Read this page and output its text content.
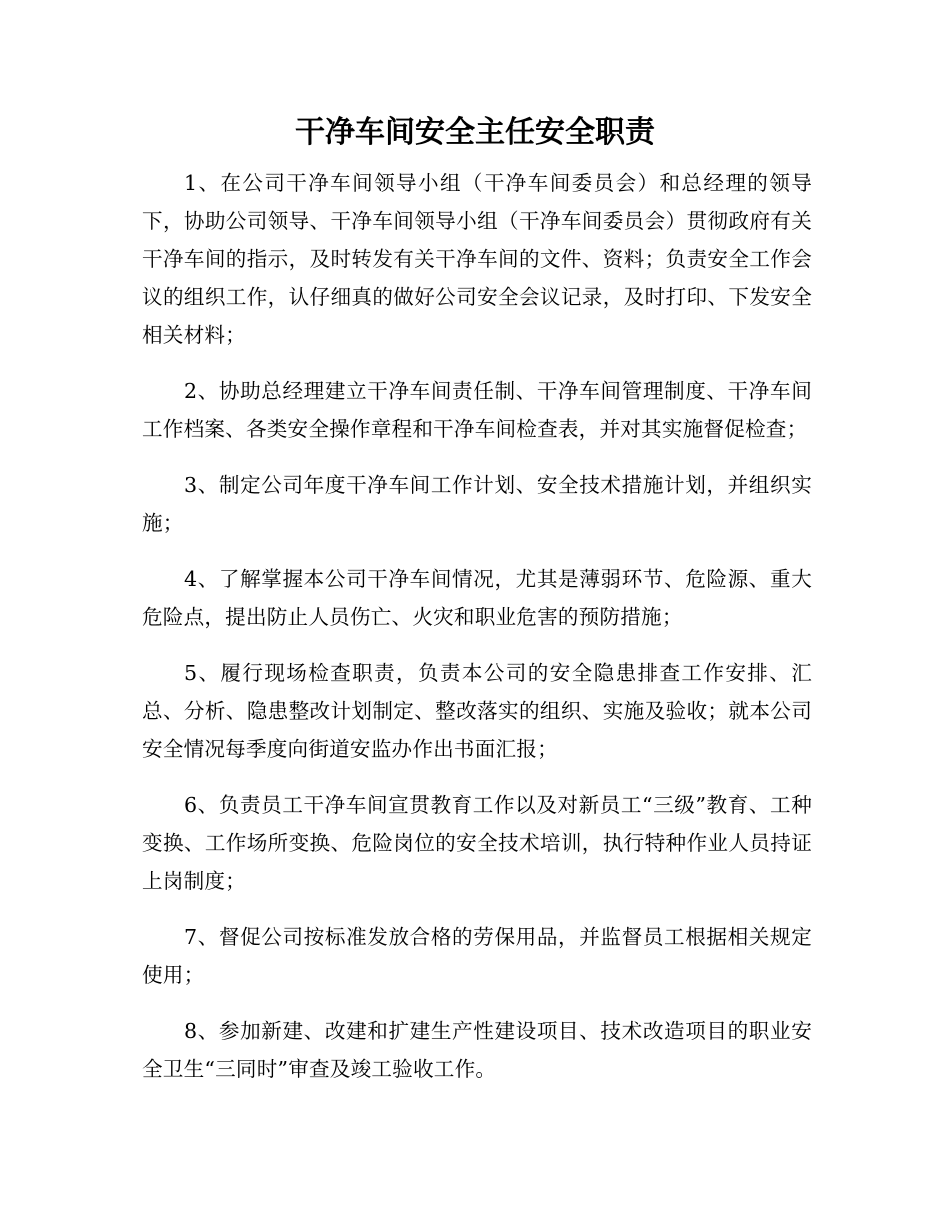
干净车间安全主任安全职责

1、在公司干净车间领导小组（干净车间委员会）和总经理的领导下，协助公司领导、干净车间领导小组（干净车间委员会）贯彻政府有关干净车间的指示，及时转发有关干净车间的文件、资料；负责安全工作会议的组织工作，认仔细真的做好公司安全会议记录，及时打印、下发安全相关材料；

2、协助总经理建立干净车间责任制、干净车间管理制度、干净车间工作档案、各类安全操作章程和干净车间检查表，并对其实施督促检查；

3、制定公司年度干净车间工作计划、安全技术措施计划，并组织实施；

4、了解掌握本公司干净车间情况，尤其是薄弱环节、危险源、重大危险点，提出防止人员伤亡、火灾和职业危害的预防措施；

5、履行现场检查职责，负责本公司的安全隐患排查工作安排、汇总、分析、隐患整改计划制定、整改落实的组织、实施及验收；就本公司安全情况每季度向街道安监办作出书面汇报；

6、负责员工干净车间宣贯教育工作以及对新员工“三级”教育、工种变换、工作场所变换、危险岗位的安全技术培训，执行特种作业人员持证上岗制度；

7、督促公司按标准发放合格的劳保用品，并监督员工根据相关规定使用；

8、参加新建、改建和扩建生产性建设项目、技术改造项目的职业安全卫生“三同时”审查及竣工验收工作。
